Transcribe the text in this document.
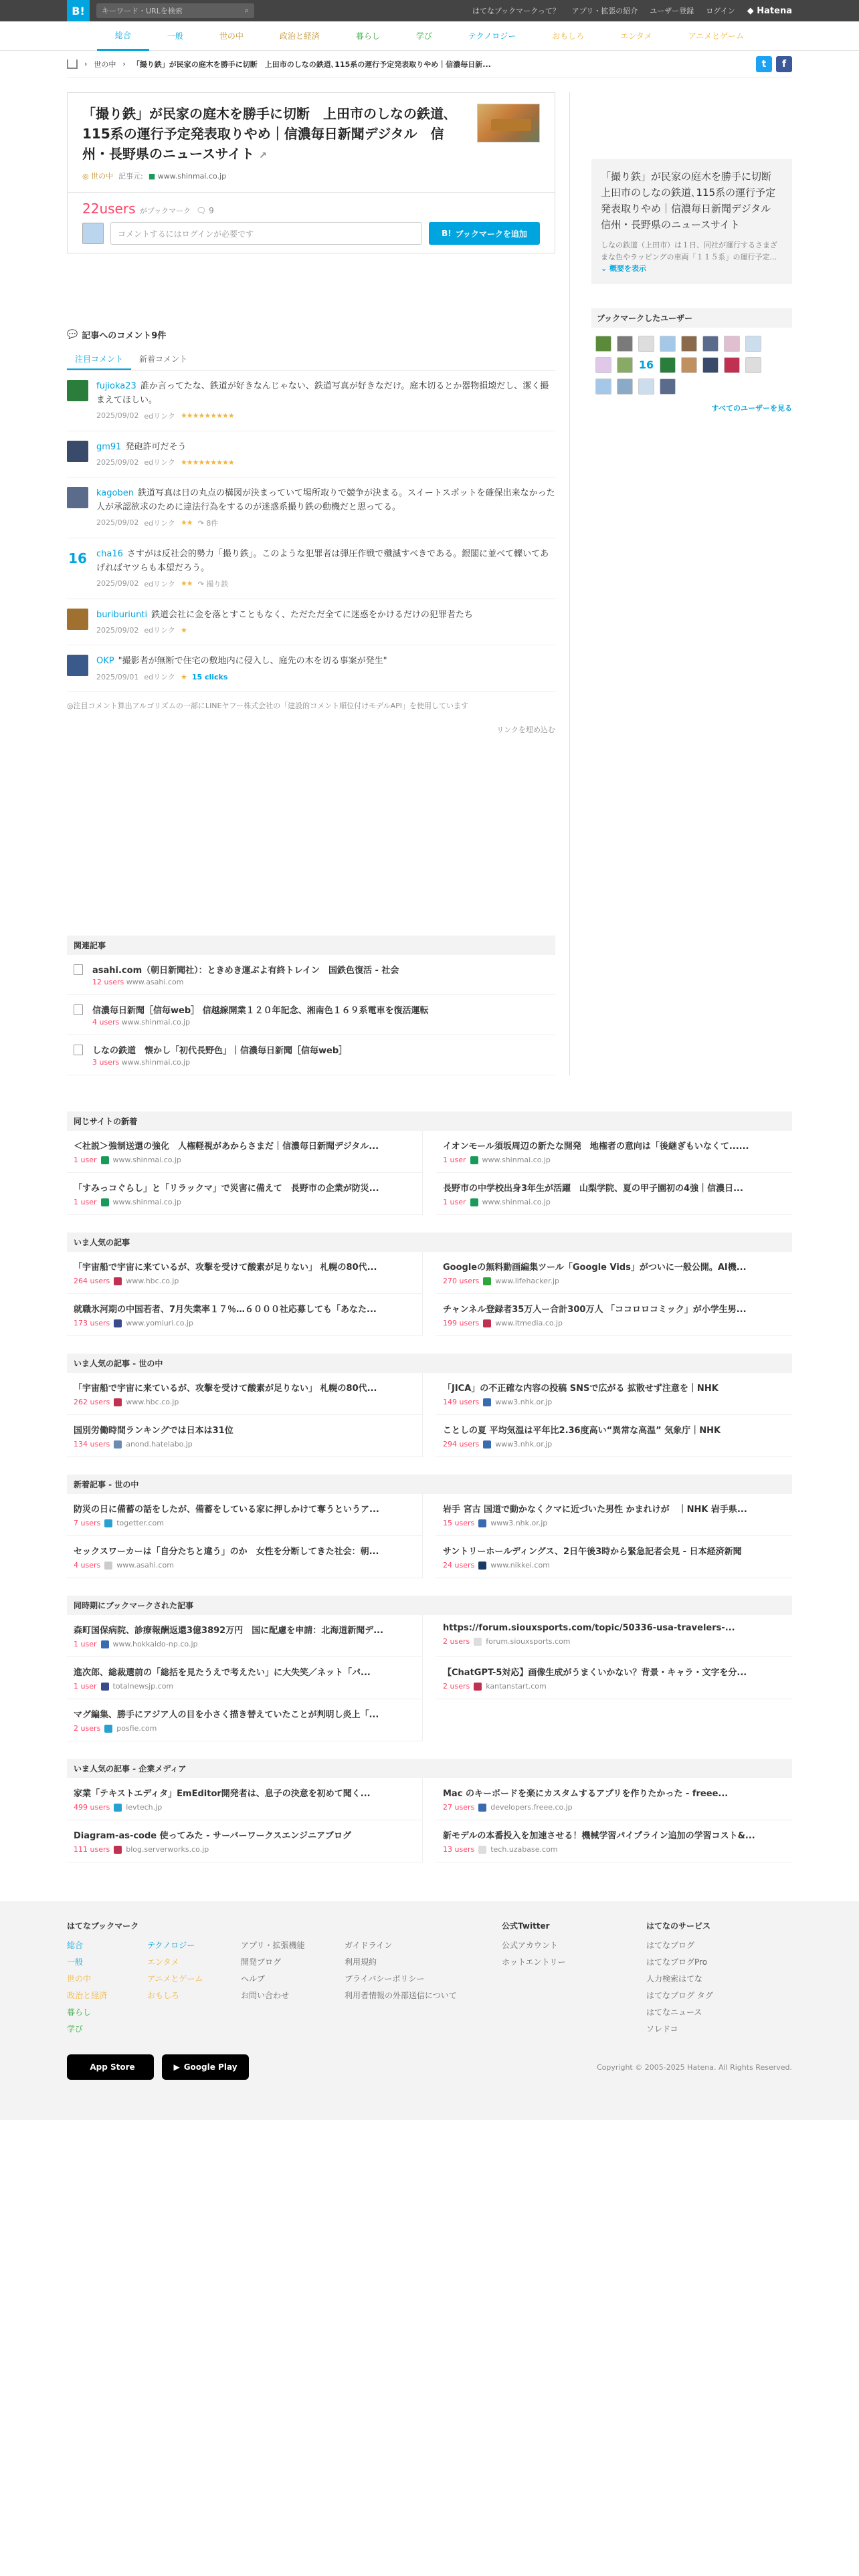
B!	キーワード・URLを検索	⌕	はてなブックマークって？ アプリ・拡張の紹介 ユーザー登録 ログイン ◆ Hatena
総合	一般	世の中	政治と経済	暮らし	学び	テクノロジー	おもしろ	エンタメ	アニメとゲーム
› 世の中 › 「撮り鉄」が民家の庭木を勝手に切断　上田市のしなの鉄道､115系の運行予定発表取りやめ｜信濃毎日新...	t	f
「撮り鉄」が民家の庭木を勝手に切断　上田市のしなの鉄道､115系の運行予定発表取りやめ｜信濃毎日新聞デジタル　信州・長野県のニュースサイト ↗
◎ 世の中 記事元: ■ www.shinmai.co.jp
22users がブックマーク 🗨 9
コメントするにはログインが必要です	B! ブックマークを追加
💬 記事へのコメント9件
注目コメント	新着コメント
fujioka23 誰か言ってたな、鉄道が好きなんじゃない、鉄道写真が好きなだけ。庭木切るとか器物損壊だし、潔く撮まえてほしい。
2025/09/02 edリンク ★★★★★★★★★
gm91 発砲許可だそう
2025/09/02 edリンク ★★★★★★★★★
kagoben 鉄道写真は日の丸点の構図が決まっていて場所取りで競争が決まる。スイートスポットを確保出来なかった人が承認欲求のために違法行為をするのが迷惑系撮り鉄の動機だと思ってる。
2025/09/02 edリンク ★★ ↷ 8件
16 cha16 さすがは反社会的勢力「撮り鉄」。このような犯罪者は弾圧作戦で殲滅すべきである。銀閣に並べて轢いてあげればヤツらも本望だろう。
2025/09/02 edリンク ★★ ↷ 撮り鉄
buriburiunti 鉄道会社に金を落とすこともなく、ただただ全てに迷惑をかけるだけの犯罪者たち
2025/09/02 edリンク ★
OKP "撮影者が無断で住宅の敷地内に侵入し、庭先の木を切る事案が発生"
2025/09/01 edリンク ★ 15 clicks
◎注目コメント算出アルゴリズムの一部にLINEヤフー株式会社の「建設的コメント順位付けモデルAPI」を使用しています
リンクを埋め込む
関連記事
asahi.com（朝日新聞社）：ときめき運ぶよ有終トレイン　国鉄色復活 - 社会
12 users www.asahi.com
信濃毎日新聞［信毎web］ 信越線開業１２０年記念、湘南色１６９系電車を復活運転
4 users www.shinmai.co.jp
しなの鉄道　懐かし「初代長野色」｜信濃毎日新聞［信毎web］
3 users www.shinmai.co.jp
「撮り鉄」が民家の庭木を勝手に切断　上田市のしなの鉄道､115系の運行予定発表取りやめ｜信濃毎日新聞デジタル　信州・長野県のニュースサイト
しなの鉄道（上田市）は１日、同社が運行するさまざまな色やラッピングの車両「１１５系」の運行予定... ⌄ 概要を表示
ブックマークしたユーザー
16
すべてのユーザーを見る
同じサイトの新着
＜社説＞強制送還の強化　人権軽視があからさまだ｜信濃毎日新聞デジタル...
1 user www.shinmai.co.jp
イオンモール須坂周辺の新たな開発　地権者の意向は「後継ぎもいなくて......
1 user www.shinmai.co.jp
「すみっコぐらし」と「リラックマ」で災害に備えて　長野市の企業が防災...
1 user www.shinmai.co.jp
長野市の中学校出身3年生が活躍　山梨学院、夏の甲子園初の4強｜信濃日...
1 user www.shinmai.co.jp
いま人気の記事
「宇宙船で宇宙に来ているが、攻撃を受けて酸素が足りない」 札幌の80代...
264 users www.hbc.co.jp
Googleの無料動画編集ツール「Google Vids」がついに一般公開。AI機...
270 users www.lifehacker.jp
就職氷河期の中国若者、7月失業率１７％…６０００社応募しても「あなた...
173 users www.yomiuri.co.jp
チャンネル登録者35万人ー合計300万人 「ココロロコミック」が小学生男...
199 users www.itmedia.co.jp
いま人気の記事 - 世の中
「宇宙船で宇宙に来ているが、攻撃を受けて酸素が足りない」 札幌の80代...
262 users www.hbc.co.jp
「JICA」の不正確な内容の投稿 SNSで広がる 拡散せず注意を｜NHK
149 users www3.nhk.or.jp
国別労働時間ランキングでは日本は31位
134 users anond.hatelabo.jp
ことしの夏 平均気温は平年比2.36度高い“異常な高温” 気象庁｜NHK
294 users www3.nhk.or.jp
新着記事 - 世の中
防災の日に備蓄の話をしたが、備蓄をしている家に押しかけて奪うというア...
7 users togetter.com
岩手 宮古 国道で動かなくクマに近づいた男性 かまれけが　｜NHK 岩手県...
15 users www3.nhk.or.jp
セックスワーカーは「自分たちと違う」のか　女性を分断してきた社会：朝...
4 users www.asahi.com
サントリーホールディングス、2日午後3時から緊急記者会見 - 日本経済新聞
24 users www.nikkei.com
同時期にブックマークされた記事
森町国保病院、診療報酬返還3億3892万円　国に配慮を申請：北海道新聞デ...
1 user www.hokkaido-np.co.jp
https://forum.siouxsports.com/topic/50336-usa-travelers-...
2 users forum.siouxsports.com
進次郎、総裁選前の「総括を見たうえで考えたい」に大失笑／ネット「パ...
1 user totalnewsjp.com
【ChatGPT-5対応】画像生成がうまくいかない？背景・キャラ・文字を分...
2 users kantanstart.com
マグ編集、勝手にアジア人の目を小さく描き替えていたことが判明し炎上「...
2 users posfie.com
いま人気の記事 - 企業メディア
家業「テキストエディタ」EmEditor開発者は、息子の決意を初めて聞く...
499 users levtech.jp
Mac のキーボードを楽にカスタムするアプリを作りたかった - freee...
27 users developers.freee.co.jp
Diagram-as-code 使ってみた - サーバーワークスエンジニアブログ
111 users blog.serverworks.co.jp
新モデルの本番投入を加速させる！機械学習パイプライン追加の学習コスト&...
13 users tech.uzabase.com
はてなブックマーク
総合
一般
世の中
政治と経済
暮らし
学び
テクノロジー
エンタメ
アニメとゲーム
おもしろ
アプリ・拡張機能
開発ブログ
ヘルプ
お問い合わせ
ガイドライン
利用規約
プライバシーポリシー
利用者情報の外部送信について
公式Twitter
公式アカウント
ホットエントリー
はてなのサービス
はてなブログ
はてなブログPro
人力検索はてな
はてなブログ タグ
はてなニュース
ソレドコ
App Store	▶ Google Play	Copyright © 2005-2025 Hatena. All Rights Reserved.
